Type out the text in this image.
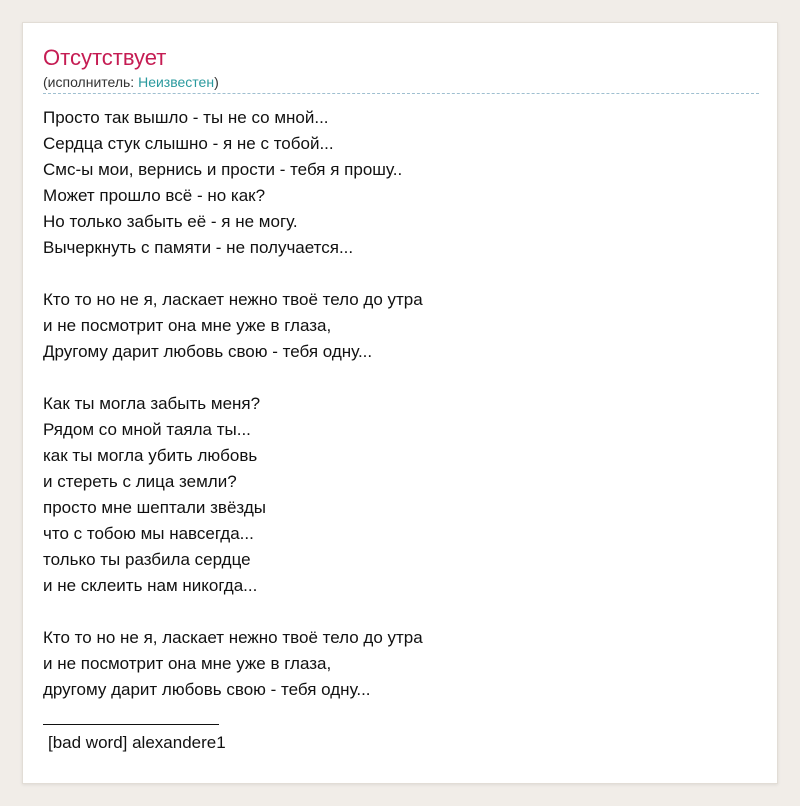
Отсутствует
(исполнитель: Неизвестен)
Просто так вышло - ты не со мной...
Сердца стук слышно - я не с тобой...
Смс-ы мои, вернись и прости - тебя я прошу..
Может прошло всё - но как?
Но только забыть её - я не могу.
Вычеркнуть с памяти - не получается...
Кто то но не я, ласкает нежно твоё тело до утра
и не посмотрит она мне уже в глаза,
Другому дарит любовь свою - тебя одну...
Как ты могла забыть меня?
Рядом со мной таяла ты...
как ты могла убить любовь
и стереть с лица земли?
просто мне шептали звёзды
что с тобою мы навсегда...
только ты разбила сердце
и не склеить нам никогда...
Кто то но не я, ласкает нежно твоё тело до утра
и не посмотрит она мне уже в глаза,
другому дарит любовь свою - тебя одну...
[bad word] alexandere1
